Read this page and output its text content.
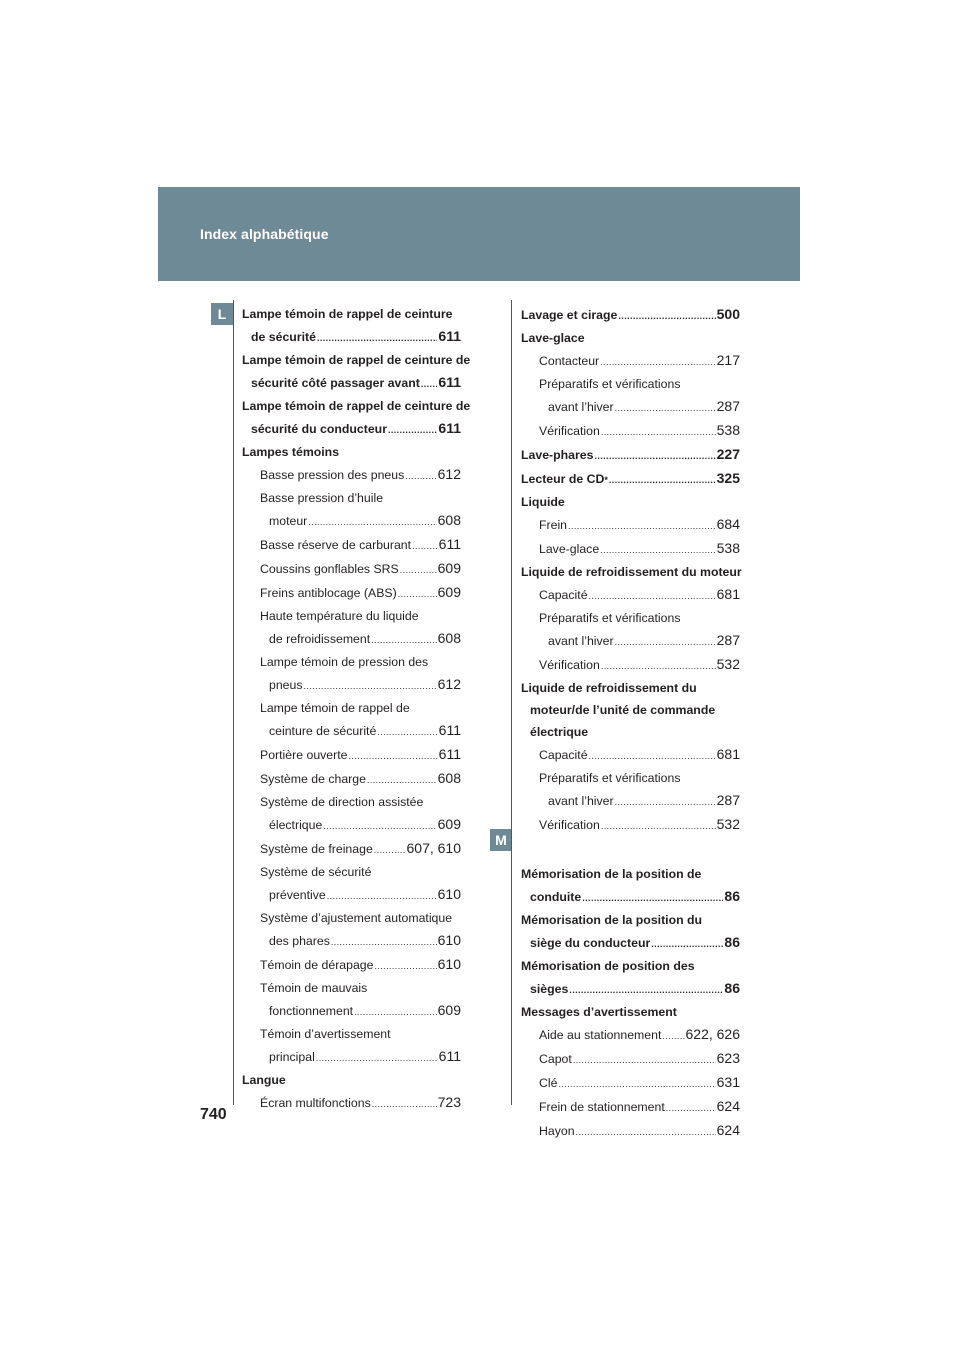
Index alphabétique
L
M
Lampe témoin de rappel de ceinture
de sécurité .....	611
Lampe témoin de rappel de ceinture de
sécurité côté passager avant ..... 611
Lampe témoin de rappel de ceinture de
sécurité du conducteur .....	611
Lampes témoins
Basse pression des pneus ..... 612
Basse pression d’huile
moteur .....	608
Basse réserve de carburant ..... 611
Coussins gonflables SRS .....	609
Freins antiblocage (ABS) .....	609
Haute température du liquide
de refroidissement .....	608
Lampe témoin de pression des
pneus .....	612
Lampe témoin de rappel de
ceinture de sécurité .....	611
Portière ouverte .....	611
Système de charge .....	608
Système de direction assistée
électrique .....	609
Système de freinage ..... 607, 610
Système de sécurité
préventive .....	610
Système d’ajustement automatique
des phares .....	610
Témoin de dérapage .....	610
Témoin de mauvais
fonctionnement .....	609
Témoin d’avertissement
principal .....	611
Langue
Écran multifonctions .....	723
Lavage et cirage .....	500
Lave-glace
Contacteur .....	217
Préparatifs et vérifications
avant l’hiver .....	287
Vérification .....	538
Lave-phares .....	227
Lecteur de CD * .....	325
Liquide
Frein .....	684
Lave-glace .....	538
Liquide de refroidissement du moteur
Capacité .....	681
Préparatifs et vérifications
avant l’hiver .....	287
Vérification .....	532
Liquide de refroidissement du
moteur/de l’unité de commande
électrique
Capacité .....	681
Préparatifs et vérifications
avant l’hiver .....	287
Vérification .....	532
Mémorisation de la position de
conduite .....	86
Mémorisation de la position du
siège du conducteur .....	86
Mémorisation de position des
sièges .....	86
Messages d’avertissement
Aide au stationnement ..... 622, 626
Capot .....	623
Clé .....	631
Frein de stationnement .....	624
Hayon .....	624
740
